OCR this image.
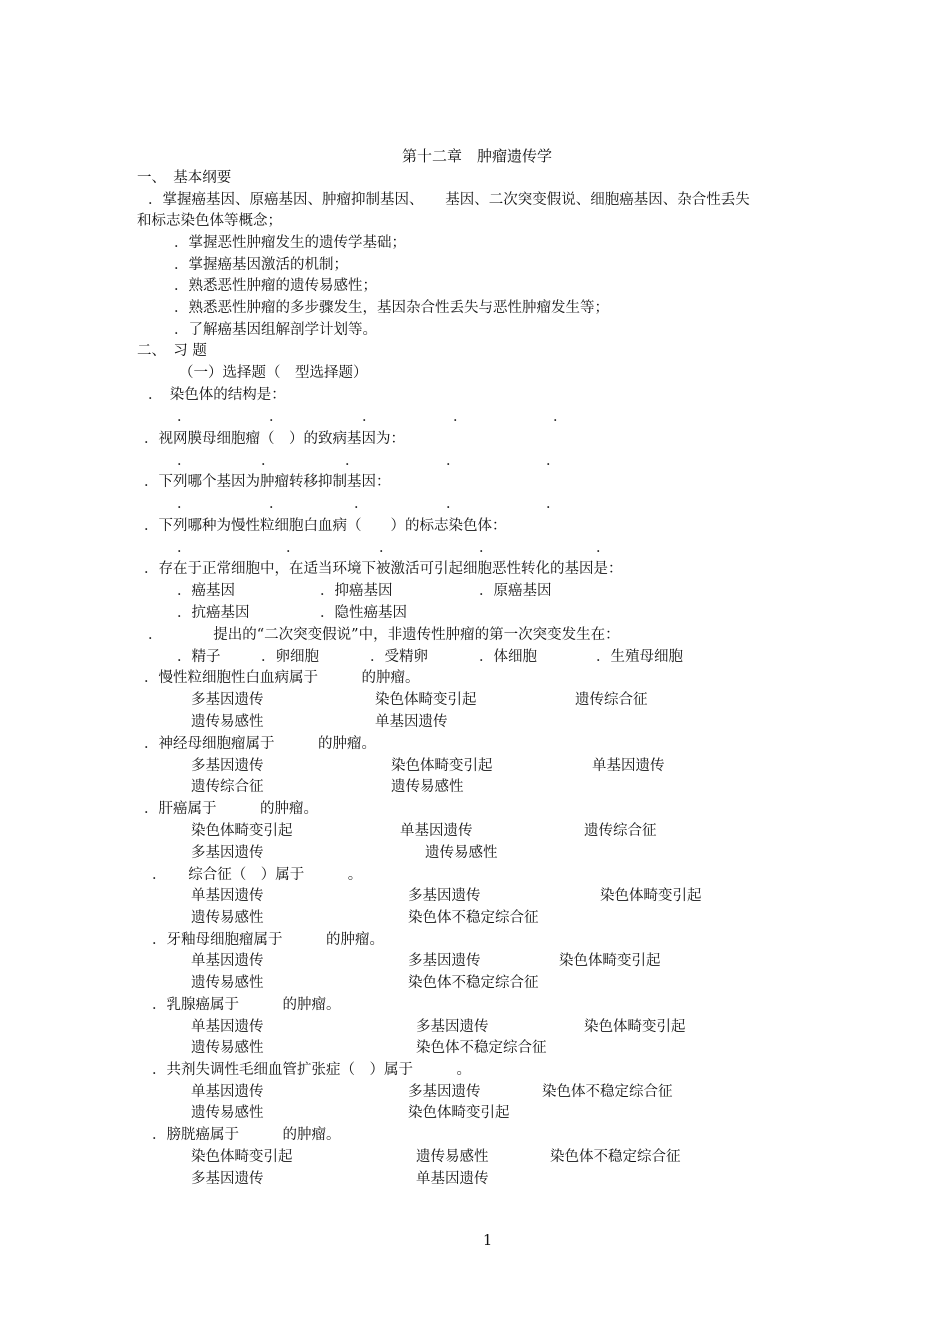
第十二章　肿瘤遗传学
一、　基本纲要
．掌握癌基因、原癌基因、肿瘤抑制基因、　　基因、二次突变假说、细胞癌基因、杂合性丢失
和标志染色体等概念；
．掌握恶性肿瘤发生的遗传学基础；
．掌握癌基因激活的机制；
．熟悉恶性肿瘤的遗传易感性；
．熟悉恶性肿瘤的多步骤发生，基因杂合性丢失与恶性肿瘤发生等；
．了解癌基因组解剖学计划等。
二、　习 题
（一）选择题（　型选择题）
．　染色体的结构是：
．	．	．	．	．
．视网膜母细胞瘤（　）的致病基因为：
．	．	．	．	．
．下列哪个基因为肿瘤转移抑制基因：
．	．	．	．	．
．下列哪种为慢性粒细胞白血病（　　）的标志染色体：
．	．	．	．	．
．存在于正常细胞中，在适当环境下被激活可引起细胞恶性转化的基因是：
．癌基因	．抑癌基因	．原癌基因
．抗癌基因	．隐性癌基因
．　　　　提出的“二次突变假说”中，非遗传性肿瘤的第一次突变发生在：
．精子	．卵细胞	．受精卵	．体细胞	．生殖母细胞
．慢性粒细胞性白血病属于　　　的肿瘤。
多基因遗传	染色体畸变引起	遗传综合征
遗传易感性	单基因遗传
．神经母细胞瘤属于　　　的肿瘤。
多基因遗传	染色体畸变引起	单基因遗传
遗传综合征	遗传易感性
．肝癌属于　　　的肿瘤。
染色体畸变引起	单基因遗传	遗传综合征
多基因遗传	遗传易感性
．　　综合征（　）属于　　　。
单基因遗传	多基因遗传	染色体畸变引起
遗传易感性	染色体不稳定综合征
．牙釉母细胞瘤属于　　　的肿瘤。
单基因遗传	多基因遗传	染色体畸变引起
遗传易感性	染色体不稳定综合征
．乳腺癌属于　　　的肿瘤。
单基因遗传	多基因遗传	染色体畸变引起
遗传易感性	染色体不稳定综合征
．共剂失调性毛细血管扩张症（　）属于　　　。
单基因遗传	多基因遗传	染色体不稳定综合征
遗传易感性	染色体畸变引起
．膀胱癌属于　　　的肿瘤。
染色体畸变引起	遗传易感性	染色体不稳定综合征
多基因遗传	单基因遗传
1
